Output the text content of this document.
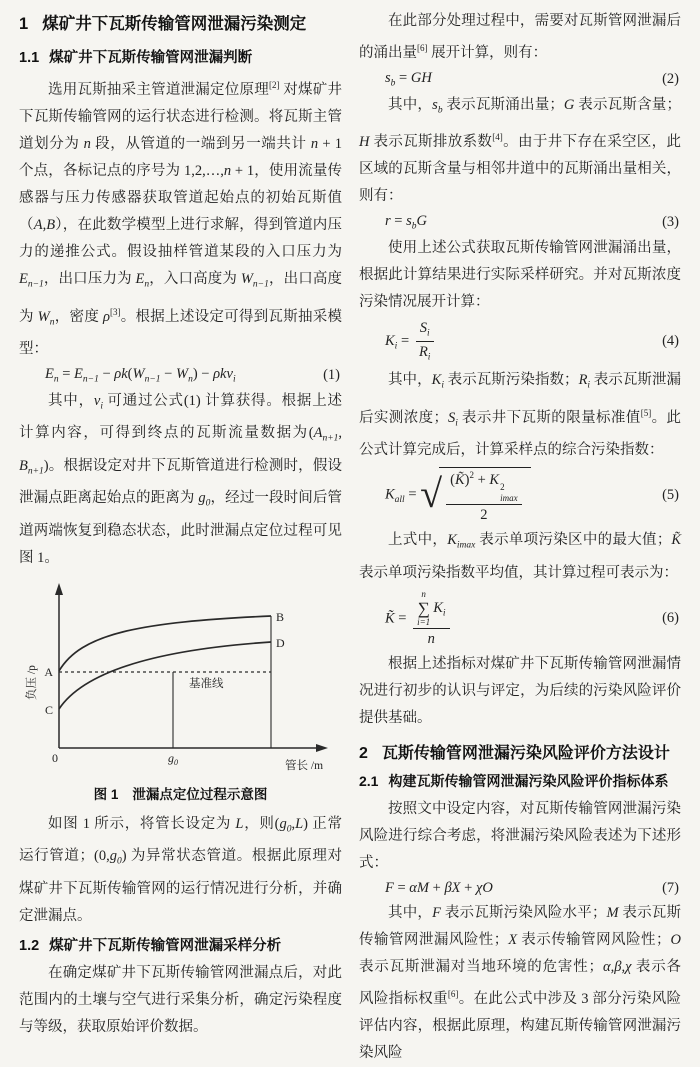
1 煤矿井下瓦斯传输管网泄漏污染测定
1.1 煤矿井下瓦斯传输管网泄漏判断

选用瓦斯抽采主管道泄漏定位原理[2] 对煤矿井下瓦斯传输管网的运行状态进行检测。将瓦斯主管道划分为 n 段，从管道的一端到另一端共计 n + 1 个点，各标记点的序号为 1,2,…,n + 1，使用流量传感器与压力传感器获取管道起始点的初始瓦斯值（A,B），在此数学模型上进行求解，得到管道内压力的递推公式。假设抽样管道某段的入口压力为 $E_{n-1}$，出口压力为 $E_n$，入口高度为 $W_{n-1}$，出口高度为 $W_n$，密度 ρ[3]。根据上述设定可得到瓦斯抽采模型：

$E_n = E_{n-1} - \rho k(W_{n-1} - W_n) - \rho kv_i$	(1)

其中，$v_i$ 可通过公式(1) 计算获得。根据上述计算内容，可得到终点的瓦斯流量数据为($A_{n+1}$, $B_{n+1}$)。根据设定对井下瓦斯管道进行检测时，假设泄漏点距离起始点的距离为 $g_0$，经过一段时间后管道两端恢复到稳态状态，此时泄漏点定位过程可见图 1。

A
C
B
D
0	$g_0$
基准线
管长 /m
负压 /p
图 1 泄漏点定位过程示意图

如图 1 所示，将管长设定为 L，则$(g_0,L)$ 正常运行管道；$(0,g_0)$ 为异常状态管道。根据此原理对煤矿井下瓦斯传输管网的运行情况进行分析，并确定泄漏点。

1.2 煤矿井下瓦斯传输管网泄漏采样分析

在确定煤矿井下瓦斯传输管网泄漏点后，对此范围内的土壤与空气进行采集分析，确定污染程度与等级，获取原始评价数据。

在此部分处理过程中，需要对瓦斯管网泄漏后的涌出量[6] 展开计算，则有：

$s_b$ = GH	(2)

其中，$s_b$ 表示瓦斯涌出量；G 表示瓦斯含量；H 表示瓦斯排放系数[4]。由于井下存在采空区，此区域的瓦斯含量与相邻井道中的瓦斯涌出量相关，则有：

$r = s_bG$	(3)

使用上述公式获取瓦斯传输管网泄漏涌出量，根据此计算结果进行实际采样研究。并对瓦斯浓度污染情况展开计算：

$K_i = \frac{S_i}{R_i}$	(4)

其中，$K_i$ 表示瓦斯污染指数；$R_i$ 表示瓦斯泄漏后实测浓度；$S_i$ 表示井下瓦斯的限量标准值[5]。此公式计算完成后，计算采样点的综合污染指数：

$K_{all}$ = √ (K̃)$^2$ + K 2
imax
2	(5)

上式中，$K_{imax}$ 表示单项污染区中的最大值；K̃ 表示单项污染指数平均值，其计算过程可表示为：

K̃ = n
∑
i=1
$K_i$
n	(6)

根据上述指标对煤矿井下瓦斯传输管网泄漏情况进行初步的认识与评定，为后续的污染风险评价提供基础。

2 瓦斯传输管网泄漏污染风险评价方法设计
2.1 构建瓦斯传输管网泄漏污染风险评价指标体系

按照文中设定内容，对瓦斯传输管网泄漏污染风险进行综合考虑，将泄漏污染风险表述为下述形式：

F = αM + βX + χO	(7)

其中，F 表示瓦斯污染风险水平；M 表示瓦斯传输管网泄漏风险性；X 表示传输管网风险性；O 表示瓦斯泄漏对当地环境的危害性；α,β,χ 表示各风险指标权重[6]。在此公式中涉及 3 部分污染风险评估内容，根据此原理，构建瓦斯传输管网泄漏污染风险
